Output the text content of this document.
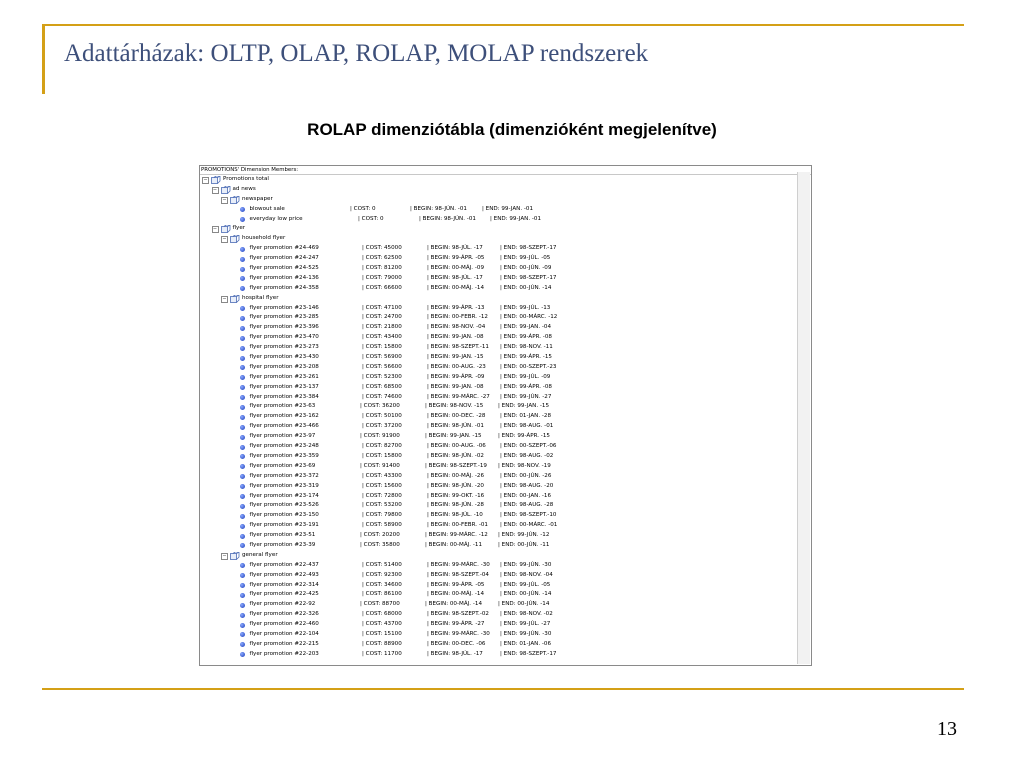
Adattárházak: OLTP, OLAP, ROLAP, MOLAP rendszerek
ROLAP dimenziótábla (dimenzióként megjelenítve)
PROMOTIONS' Dimension Members:
−	Promotions total
−	ad news
−	newspaper
blowout sale	| COST: 0	| BEGIN: 98-JÚN. -01	| END: 99-JAN. -01
everyday low price	| COST: 0	| BEGIN: 98-JÚN. -01	| END: 99-JAN. -01
−	flyer
−	household flyer
flyer promotion #24-469	| COST: 45000	| BEGIN: 98-JÚL. -17	| END: 98-SZEPT.-17
flyer promotion #24-247	| COST: 62500	| BEGIN: 99-ÁPR. -05	| END: 99-JÚL. -05
flyer promotion #24-525	| COST: 81200	| BEGIN: 00-MÁJ. -09	| END: 00-JÚN. -09
flyer promotion #24-136	| COST: 79000	| BEGIN: 98-JÚL. -17	| END: 98-SZEPT.-17
flyer promotion #24-358	| COST: 66600	| BEGIN: 00-MÁJ. -14	| END: 00-JÚN. -14
−	hospital flyer
flyer promotion #23-146	| COST: 47100	| BEGIN: 99-ÁPR. -13	| END: 99-JÚL. -13
flyer promotion #23-285	| COST: 24700	| BEGIN: 00-FEBR. -12 | END: 00-MÁRC. -12
flyer promotion #23-396	| COST: 21800	| BEGIN: 98-NOV. -04	| END: 99-JAN. -04
flyer promotion #23-470	| COST: 43400	| BEGIN: 99-JAN. -08	| END: 99-ÁPR. -08
flyer promotion #23-273	| COST: 15800	| BEGIN: 98-SZEPT.-11 | END: 98-NOV. -11
flyer promotion #23-430	| COST: 56900	| BEGIN: 99-JAN. -15	| END: 99-ÁPR. -15
flyer promotion #23-208	| COST: 56600	| BEGIN: 00-AUG. -23	| END: 00-SZEPT.-23
flyer promotion #23-261	| COST: 52300	| BEGIN: 99-ÁPR. -09	| END: 99-JÚL. -09
flyer promotion #23-137	| COST: 68500	| BEGIN: 99-JAN. -08	| END: 99-ÁPR. -08
flyer promotion #23-384	| COST: 74600	| BEGIN: 99-MÁRC. -27 | END: 99-JÚN. -27
flyer promotion #23-63	| COST: 36200	| BEGIN: 98-NOV. -15	| END: 99-JAN. -15
flyer promotion #23-162	| COST: 50100	| BEGIN: 00-DEC. -28	| END: 01-JAN. -28
flyer promotion #23-466	| COST: 37200	| BEGIN: 98-JÚN. -01	| END: 98-AUG. -01
flyer promotion #23-97	| COST: 91900	| BEGIN: 99-JAN. -15	| END: 99-ÁPR. -15
flyer promotion #23-248	| COST: 82700	| BEGIN: 00-AUG. -06	| END: 00-SZEPT.-06
flyer promotion #23-359	| COST: 15800	| BEGIN: 98-JÚN. -02	| END: 98-AUG. -02
flyer promotion #23-69	| COST: 91400	| BEGIN: 98-SZEPT.-19 | END: 98-NOV. -19
flyer promotion #23-372	| COST: 43300	| BEGIN: 00-MÁJ. -26	| END: 00-JÚN. -26
flyer promotion #23-319	| COST: 15600	| BEGIN: 98-JÚN. -20	| END: 98-AUG. -20
flyer promotion #23-174	| COST: 72800	| BEGIN: 99-OKT. -16	| END: 00-JAN. -16
flyer promotion #23-526	| COST: 53200	| BEGIN: 98-JÚN. -28	| END: 98-AUG. -28
flyer promotion #23-150	| COST: 79800	| BEGIN: 98-JÚL. -10	| END: 98-SZEPT.-10
flyer promotion #23-191	| COST: 58900	| BEGIN: 00-FEBR. -01 | END: 00-MÁRC. -01
flyer promotion #23-51	| COST: 20200	| BEGIN: 99-MÁRC. -12 | END: 99-JÚN. -12
flyer promotion #23-39	| COST: 35800	| BEGIN: 00-MÁJ. -11	| END: 00-JÚN. -11
−	general flyer
flyer promotion #22-437	| COST: 51400	| BEGIN: 99-MÁRC. -30 | END: 99-JÚN. -30
flyer promotion #22-493	| COST: 92300	| BEGIN: 98-SZEPT.-04 | END: 98-NOV. -04
flyer promotion #22-314	| COST: 34600	| BEGIN: 99-ÁPR. -05	| END: 99-JÚL. -05
flyer promotion #22-425	| COST: 86100	| BEGIN: 00-MÁJ. -14	| END: 00-JÚN. -14
flyer promotion #22-92	| COST: 88700	| BEGIN: 00-MÁJ. -14	| END: 00-JÚN. -14
flyer promotion #22-326	| COST: 68000	| BEGIN: 98-SZEPT.-02 | END: 98-NOV. -02
flyer promotion #22-460	| COST: 43700	| BEGIN: 99-ÁPR. -27	| END: 99-JÚL. -27
flyer promotion #22-104	| COST: 15100	| BEGIN: 99-MÁRC. -30 | END: 99-JÚN. -30
flyer promotion #22-215	| COST: 88900	| BEGIN: 00-DEC. -06	| END: 01-JAN. -06
flyer promotion #22-203	| COST: 11700	| BEGIN: 98-JÚL. -17	| END: 98-SZEPT.-17
13
